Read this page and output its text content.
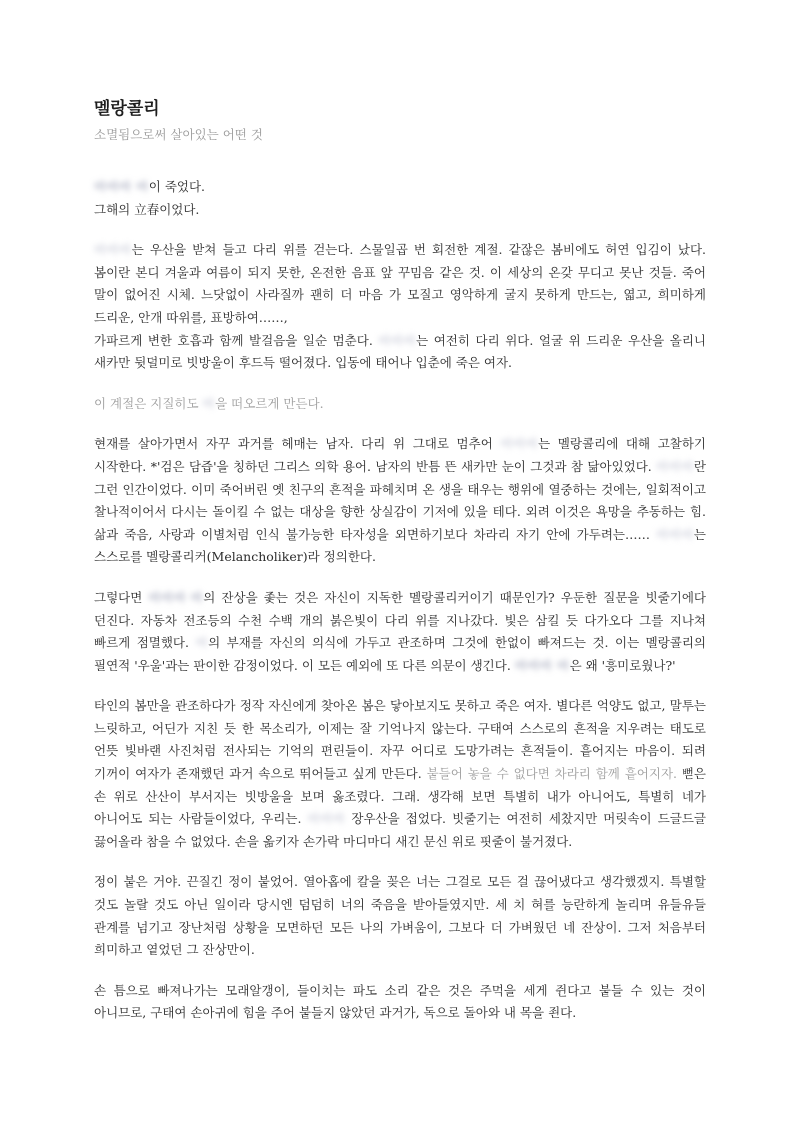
멜랑콜리
소멸됨으로써 살아있는 어떤 것

바바바 바이 죽었다.
그해의 立春이었다.

바바바는 우산을 받쳐 들고 다리 위를 걷는다. 스물일곱 번 회전한 계절. 같잖은 봄비에도 허연 입김이 났다. 봄이란 본디 겨울과 여름이 되지 못한, 온전한 음표 앞 꾸밈음 같은 것. 이 세상의 온갖 무디고 못난 것들. 죽어 말이 없어진 시체. 느닷없이 사라질까 괜히 더 마음 가 모질고 영악하게 굴지 못하게 만드는, 엷고, 희미하게 드리운, 안개 따위를, 표방하여……,
가파르게 변한 호흡과 함께 발걸음을 일순 멈춘다. 바바바는 여전히 다리 위다. 얼굴 위 드리운 우산을 올리니 새카만 뒷덜미로 빗방울이 후드득 떨어졌다. 입동에 태어나 입춘에 죽은 여자.

이 계절은 지질히도 바을 떠오르게 만든다.

현재를 살아가면서 자꾸 과거를 헤매는 남자. 다리 위 그대로 멈추어 바바바는 멜랑콜리에 대해 고찰하기 시작한다. *'검은 담즙'을 칭하던 그리스 의학 용어. 남자의 반틈 뜬 새카만 눈이 그것과 참 닮아있었다. 바바바란 그런 인간이었다. 이미 죽어버린 옛 친구의 흔적을 파헤치며 온 생을 태우는 행위에 열중하는 것에는, 일회적이고 찰나적이어서 다시는 돌이킬 수 없는 대상을 향한 상실감이 기저에 있을 테다. 외려 이것은 욕망을 추동하는 힘. 삶과 죽음, 사랑과 이별처럼 인식 불가능한 타자성을 외면하기보다 차라리 자기 안에 가두려는…… 바바바는 스스로를 멜랑콜리커(Melancholiker)라 정의한다.

그렇다면 바바바 바의 잔상을 좇는 것은 자신이 지독한 멜랑콜리커이기 때문인가? 우둔한 질문을 빗줄기에다 던진다. 자동차 전조등의 수천 수백 개의 붉은빛이 다리 위를 지나갔다. 빛은 삼킬 듯 다가오다 그를 지나쳐 빠르게 점멸했다. 바의 부재를 자신의 의식에 가두고 관조하며 그것에 한없이 빠져드는 것. 이는 멜랑콜리의 필연적 '우울'과는 판이한 감정이었다. 이 모든 예외에 또 다른 의문이 생긴다. 바바바 바은 왜 '흥미로웠나?'

타인의 봄만을 관조하다가 정작 자신에게 찾아온 봄은 닿아보지도 못하고 죽은 여자. 별다른 억양도 없고, 말투는 느릿하고, 어딘가 지친 듯 한 목소리가, 이제는 잘 기억나지 않는다. 구태여 스스로의 흔적을 지우려는 태도로 언뜻 빛바랜 사진처럼 전사되는 기억의 편린들이. 자꾸 어디로 도망가려는 흔적들이. 흩어지는 마음이. 되려 기꺼이 여자가 존재했던 과거 속으로 뛰어들고 싶게 만든다. 붙들어 놓을 수 없다면 차라리 함께 흩어지자. 뻗은 손 위로 산산이 부서지는 빗방울을 보며 옳조렸다. 그래. 생각해 보면 특별히 내가 아니어도, 특별히 네가 아니어도 되는 사람들이었다, 우리는. 바바바 장우산을 접었다. 빗줄기는 여전히 세찼지만 머릿속이 드글드글 끓어올라 참을 수 없었다. 손을 옮키자 손가락 마디마디 새긴 문신 위로 핏줄이 불거졌다.

정이 붙은 거야. 끈질긴 정이 붙었어. 열아홉에 칼을 꽂은 너는 그걸로 모든 걸 끊어냈다고 생각했겠지. 특별할 것도 놀랄 것도 아닌 일이라 당시엔 덤덤히 너의 죽음을 받아들였지만. 세 치 혀를 능란하게 놀리며 유들유들 관계를 넘기고 장난처럼 상황을 모면하던 모든 나의 가벼움이, 그보다 더 가벼웠던 네 잔상이. 그저 처음부터 희미하고 옅었던 그 잔상만이.

손 틈으로 빠져나가는 모래알갱이, 들이치는 파도 소리 같은 것은 주먹을 세게 쥔다고 붙들 수 있는 것이 아니므로, 구태여 손아귀에 힘을 주어 붙들지 않았던 과거가, 독으로 돌아와 내 목을 죈다.
